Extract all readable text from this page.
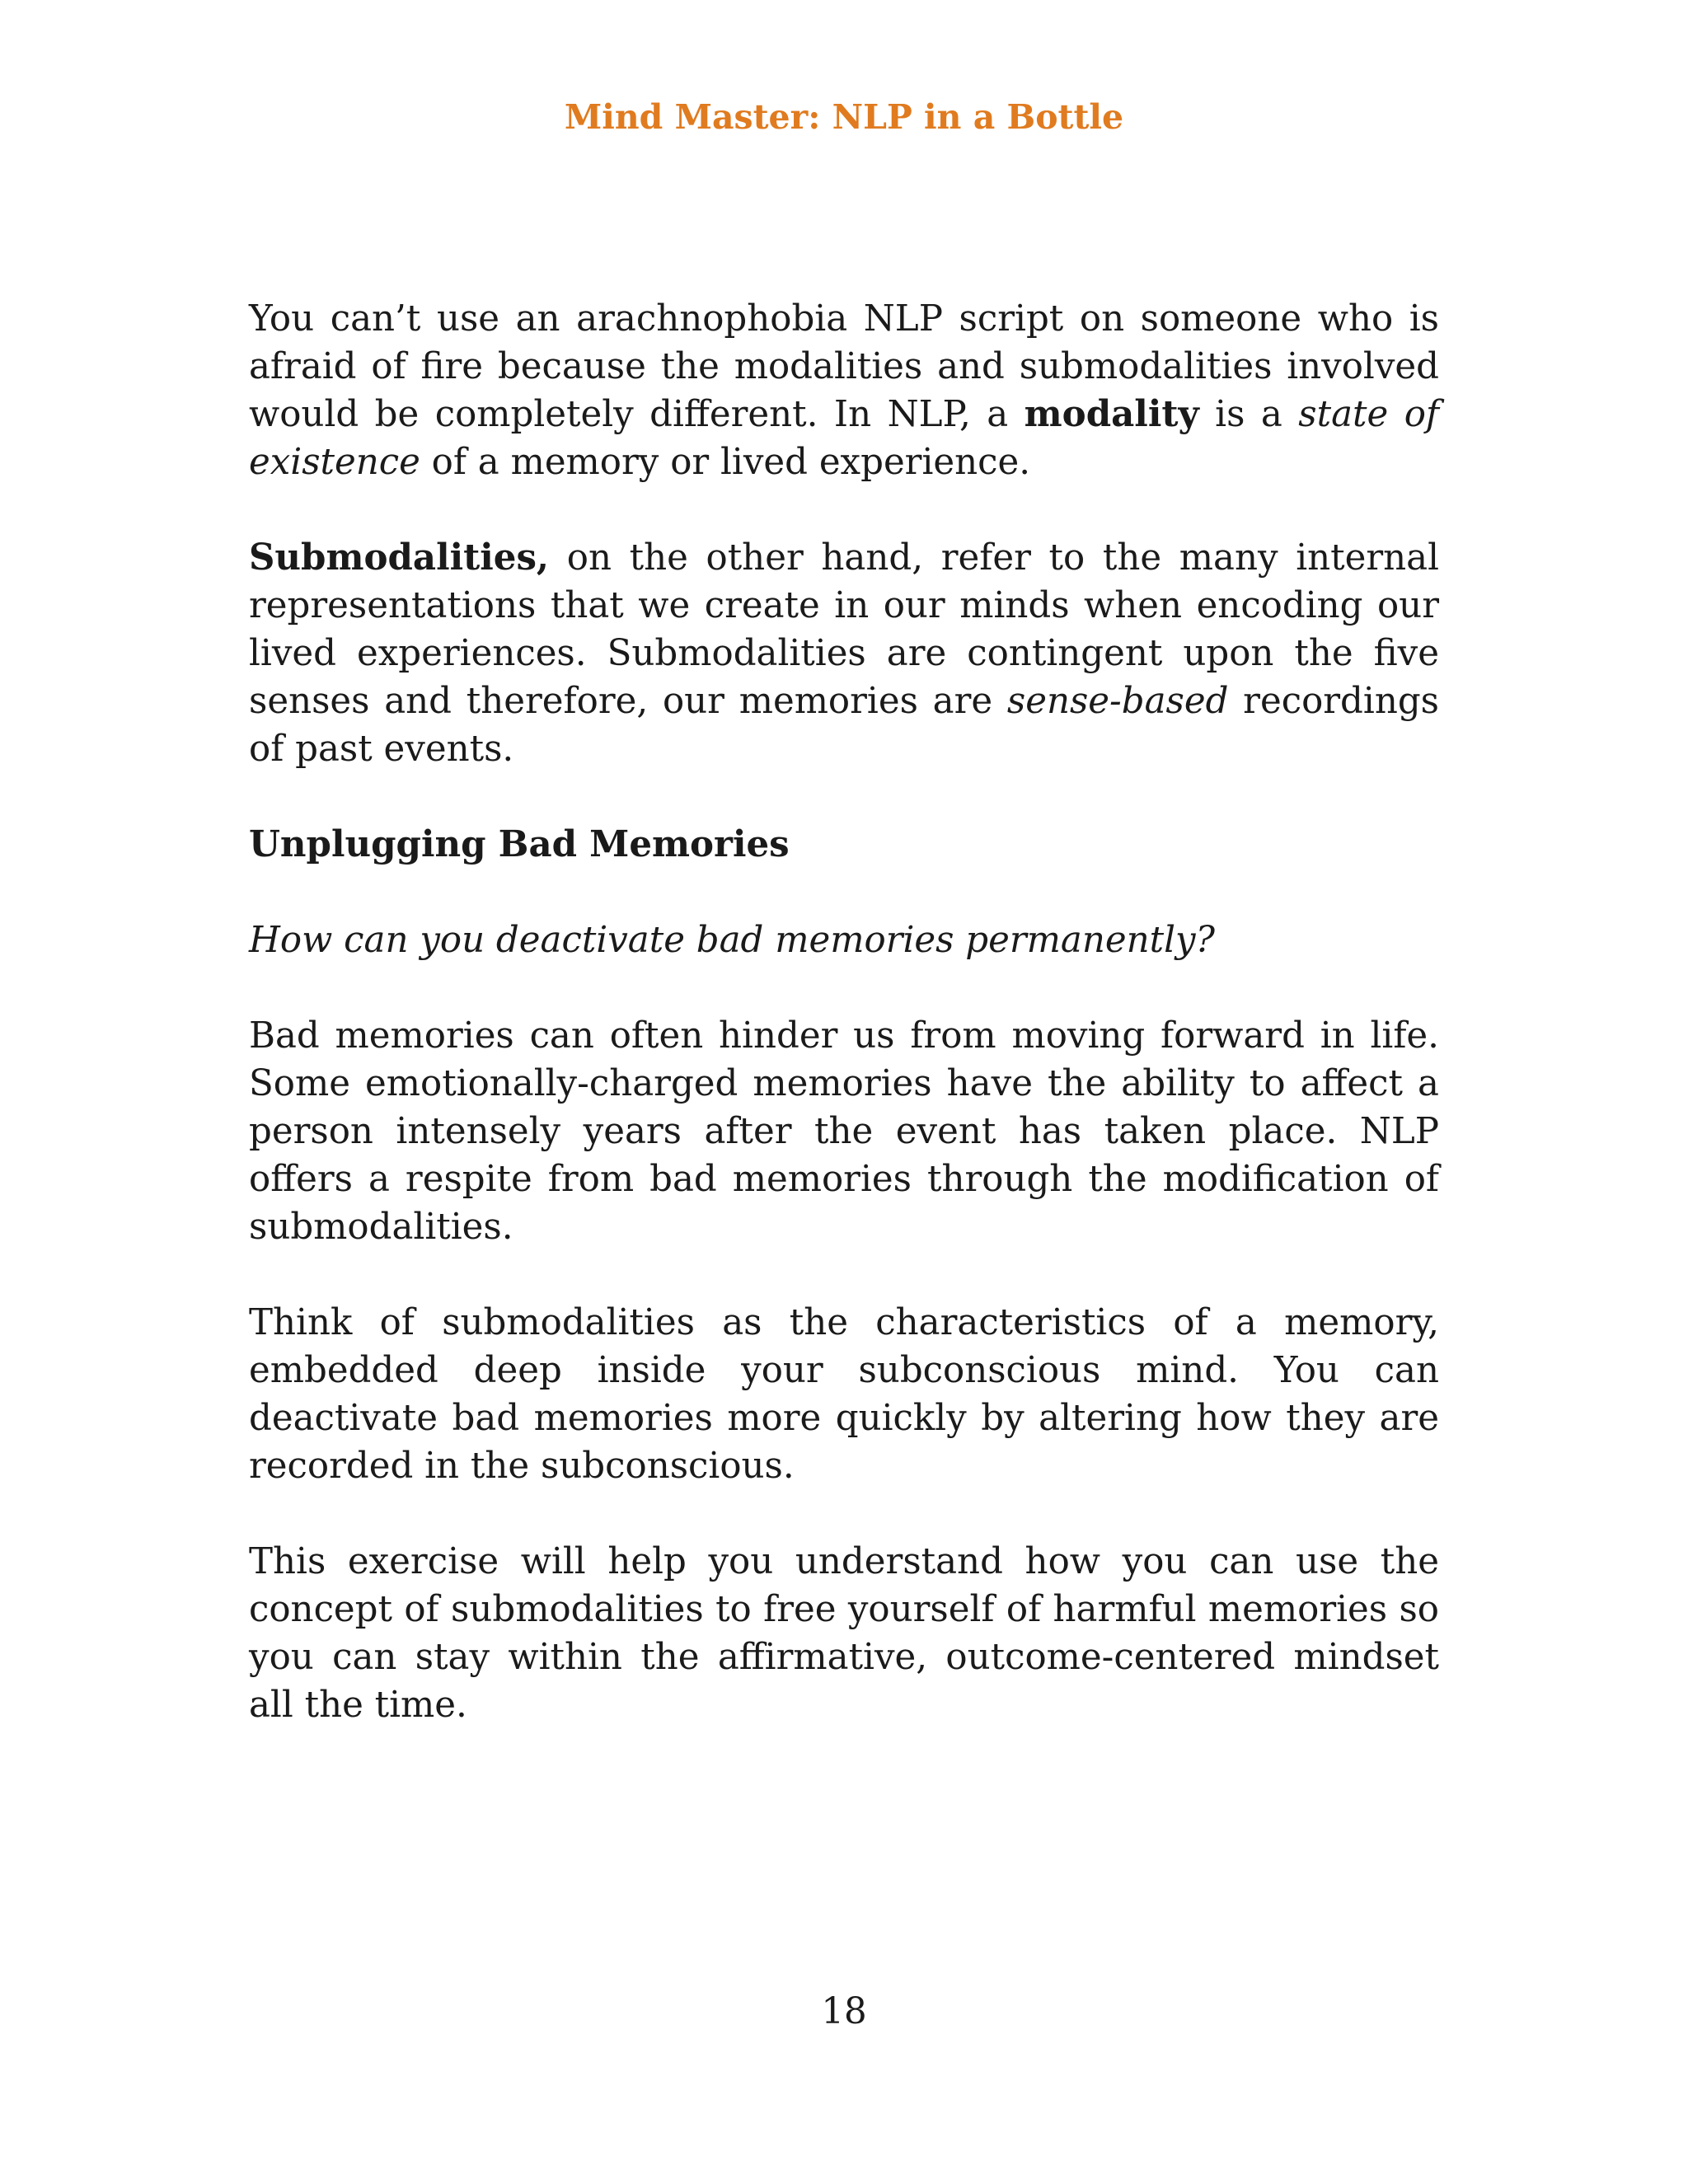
Mind Master: NLP in a Bottle

You can’t use an arachnophobia NLP script on someone who is afraid of fire because the modalities and submodalities involved would be completely different. In NLP, a modality is a state of existence of a memory or lived experience.

Submodalities, on the other hand, refer to the many internal representations that we create in our minds when encoding our lived experiences. Submodalities are contingent upon the five senses and therefore, our memories are sense-based recordings of past events.

Unplugging Bad Memories

How can you deactivate bad memories permanently?

Bad memories can often hinder us from moving forward in life. Some emotionally-charged memories have the ability to affect a person intensely years after the event has taken place. NLP offers a respite from bad memories through the modification of submodalities.

Think of submodalities as the characteristics of a memory, embedded deep inside your subconscious mind. You can deactivate bad memories more quickly by altering how they are recorded in the subconscious.

This exercise will help you understand how you can use the concept of submodalities to free yourself of harmful memories so you can stay within the affirmative, outcome-centered mindset all the time.

18
